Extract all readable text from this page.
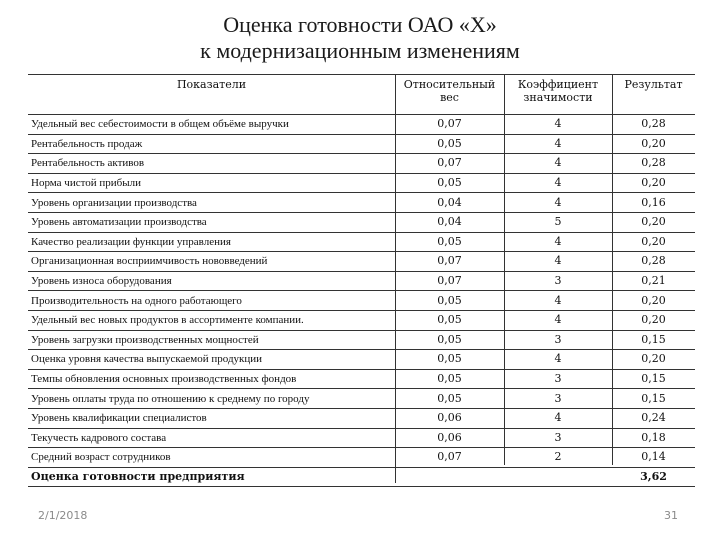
Оценка готовности ОАО «Х»
к модернизационным изменениям
Показатели	Относительный вес	Коэффициент значимости	Результат
Удельный вес себестоимости в общем объёме выручки	0,07	4	0,28
Рентабельность продаж	0,05	4	0,20
Рентабельность активов	0,07	4	0,28
Норма чистой прибыли	0,05	4	0,20
Уровень организации производства	0,04	4	0,16
Уровень автоматизации производства	0,04	5	0,20
Качество реализации функции управления	0,05	4	0,20
Организационная восприимчивость нововведений	0,07	4	0,28
Уровень износа оборудования	0,07	3	0,21
Производительность на одного работающего	0,05	4	0,20
Удельный вес новых продуктов в ассортименте компании.	0,05	4	0,20
Уровень загрузки производственных мощностей	0,05	3	0,15
Оценка уровня качества выпускаемой продукции	0,05	4	0,20
Темпы обновления основных производственных фондов	0,05	3	0,15
Уровень оплаты труда по отношению к среднему по городу	0,05	3	0,15
Уровень квалификации специалистов	0,06	4	0,24
Текучесть кадрового состава	0,06	3	0,18
Средний возраст сотрудников	0,07	2	0,14
Оценка готовности предприятия			3,62
2/1/2018	31
